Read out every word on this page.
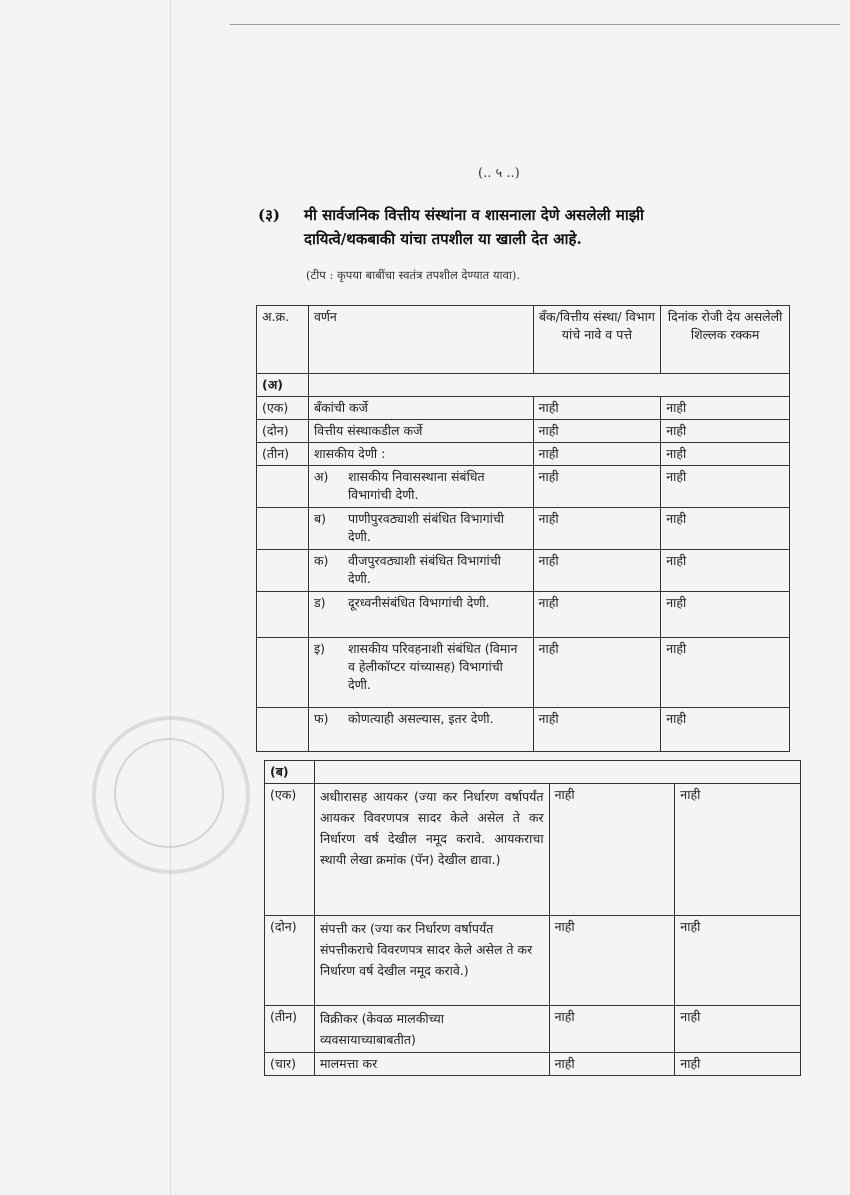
(.. ५ ..)
(३) मी सार्वजनिक वित्तीय संस्थांना व शासनाला देणे असलेली माझी
दायित्वे/थकबाकी यांचा तपशील या खाली देत आहे.
(टीप : कृपया बाबींचा स्वतंत्र तपशील देण्यात यावा).
अ.क्र.	वर्णन	बँक/वित्तीय संस्था/ विभाग यांचे नावे व पत्ते	दिनांक रोजी देय असलेली शिल्लक रक्कम
(अ)			
(एक)	बँकांची कर्जे	नाही	नाही
(दोन)	वित्तीय संस्थाकडील कर्जे	नाही	नाही
(तीन)	शासकीय देणी :	नाही	नाही

	अ) शासकीय निवासस्थाना संबंधित विभागांची देणी.	नाही	नाही

	ब) पाणीपुरवठ्याशी संबंधित विभागांची देणी.	नाही	नाही

	क) वीजपुरवठ्याशी संबंधित विभागांची देणी.	नाही	नाही

	ड) दूरध्वनीसंबंधित विभागांची देणी.	नाही	नाही

	इ) शासकीय परिवहनाशी संबंधित (विमान व हेलीकॉप्टर यांच्यासह) विभागांची देणी.	नाही	नाही

	फ) कोणत्याही असल्यास, इतर देणी.	नाही	नाही
(ब)			
(एक)	अधीारासह आयकर (ज्या कर निर्धारण वर्षापर्यंत आयकर विवरणपत्र सादर केले असेल ते कर निर्धारण वर्ष देखील नमूद करावे. आयकराचा स्थायी लेखा क्रमांक (पॅन) देखील द्यावा.)	नाही	नाही
(दोन)	संपत्ती कर (ज्या कर निर्धारण वर्षापर्यंत संपत्तीकराचे विवरणपत्र सादर केले असेल ते कर निर्धारण वर्ष देखील नमूद करावे.)	नाही	नाही
(तीन)	विक्रीकर (केवळ मालकीच्या व्यवसायाच्याबाबतीत)	नाही	नाही
(चार)	मालमत्ता कर	नाही	नाही
